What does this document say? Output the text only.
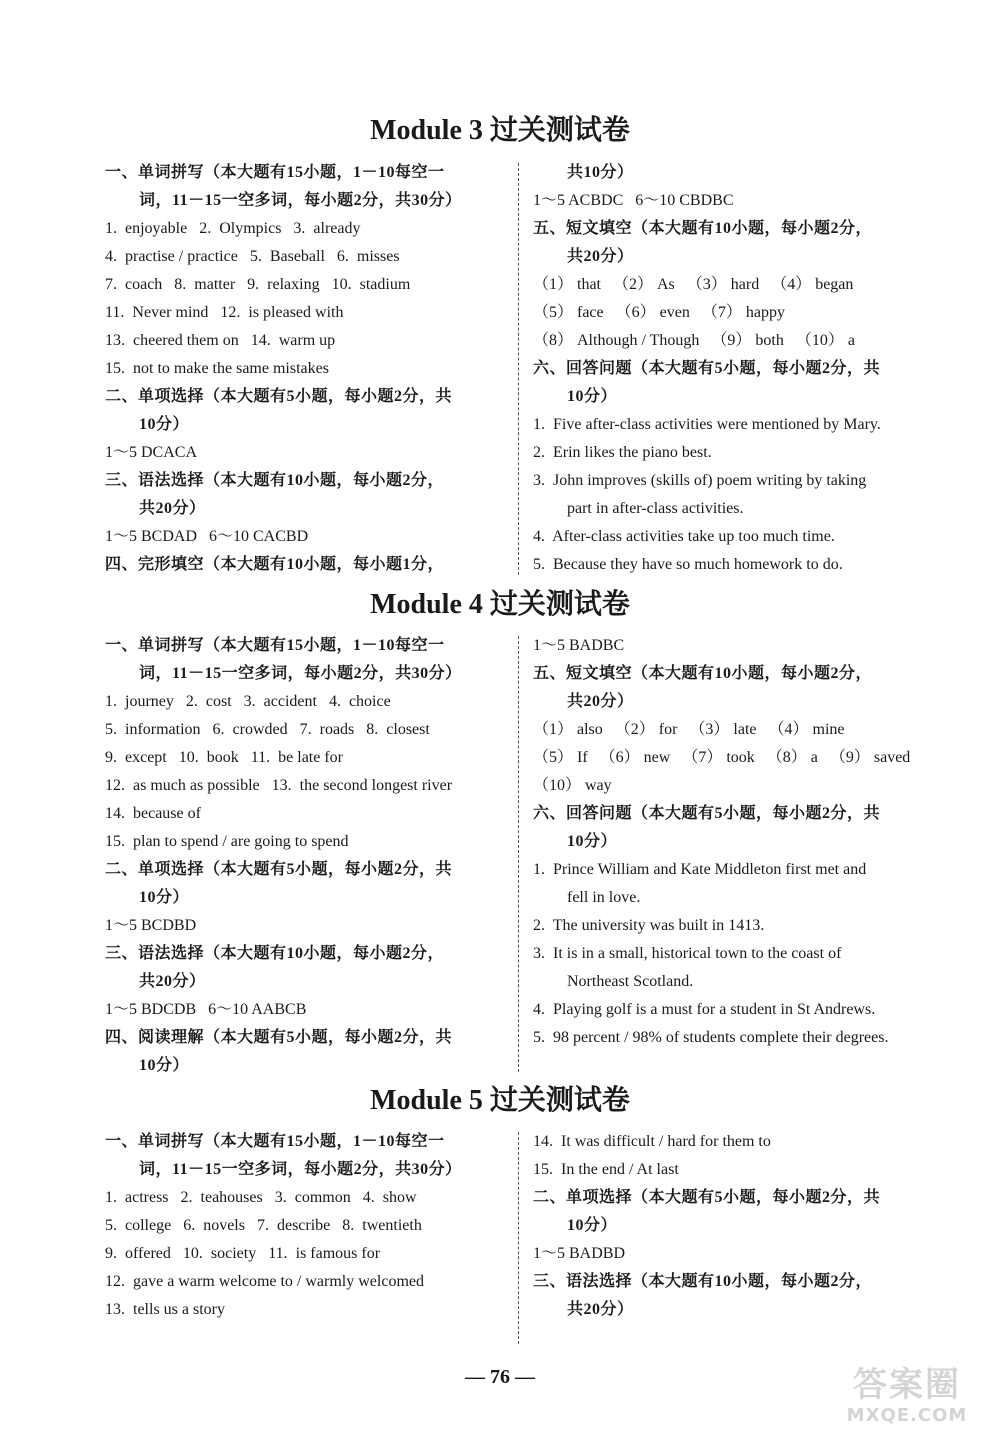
Module 3 过关测试卷
一、单词拼写（本大题有15小题，1－10每空一
词，11－15一空多词，每小题2分，共30分）
1.  enjoyable   2.  Olympics   3.  already
4.  practise / practice   5.  Baseball   6.  misses
7.  coach   8.  matter   9.  relaxing   10.  stadium
11.  Never mind   12.  is pleased with
13.  cheered them on   14.  warm up
15.  not to make the same mistakes
二、单项选择（本大题有5小题，每小题2分，共
10分）
1～5 DCACA
三、语法选择（本大题有10小题，每小题2分，
共20分）
1～5 BCDAD   6～10 CACBD
四、完形填空（本大题有10小题，每小题1分，
共10分）
1～5 ACBDC   6～10 CBDBC
五、短文填空（本大题有10小题，每小题2分，
共20分）
（1） that   （2） As   （3） hard   （4） began
（5） face   （6） even   （7） happy
（8） Although / Though   （9） both   （10） a
六、回答问题（本大题有5小题，每小题2分，共
10分）
1.  Five after-class activities were mentioned by Mary.
2.  Erin likes the piano best.
3.  John improves (skills of) poem writing by taking
part in after-class activities.
4.  After-class activities take up too much time.
5.  Because they have so much homework to do.
Module 4 过关测试卷
一、单词拼写（本大题有15小题，1－10每空一
词，11－15一空多词，每小题2分，共30分）
1.  journey   2.  cost   3.  accident   4.  choice
5.  information   6.  crowded   7.  roads   8.  closest
9.  except   10.  book   11.  be late for
12.  as much as possible   13.  the second longest river
14.  because of
15.  plan to spend / are going to spend
二、单项选择（本大题有5小题，每小题2分，共
10分）
1～5 BCDBD
三、语法选择（本大题有10小题，每小题2分，
共20分）
1～5 BDCDB   6～10 AABCB
四、阅读理解（本大题有5小题，每小题2分，共
10分）
1～5 BADBC
五、短文填空（本大题有10小题，每小题2分，
共20分）
（1） also   （2） for   （3） late   （4） mine
（5） If   （6） new   （7） took   （8） a   （9） saved
（10） way
六、回答问题（本大题有5小题，每小题2分，共
10分）
1.  Prince William and Kate Middleton first met and
fell in love.
2.  The university was built in 1413.
3.  It is in a small, historical town to the coast of
Northeast Scotland.
4.  Playing golf is a must for a student in St Andrews.
5.  98 percent / 98% of students complete their degrees.
Module 5 过关测试卷
一、单词拼写（本大题有15小题，1－10每空一
词，11－15一空多词，每小题2分，共30分）
1.  actress   2.  teahouses   3.  common   4.  show
5.  college   6.  novels   7.  describe   8.  twentieth
9.  offered   10.  society   11.  is famous for
12.  gave a warm welcome to / warmly welcomed
13.  tells us a story
14.  It was difficult / hard for them to
15.  In the end / At last
二、单项选择（本大题有5小题，每小题2分，共
10分）
1～5 BADBD
三、语法选择（本大题有10小题，每小题2分，
共20分）
— 76 —	答案圈
MXQE.COM
